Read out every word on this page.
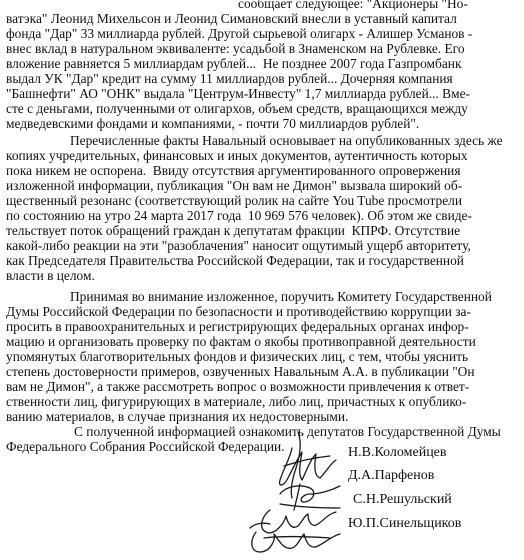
сообщает следующее: "Акционеры "Но-
ватэка" Леонид Михельсон и Леонид Симановский внесли в уставный капитал
фонда "Дар" 33 миллиарда рублей. Другой сырьевой олигарх - Алишер Усманов -
внес вклад в натуральном эквиваленте: усадьбой в Знаменском на Рублевке. Его
вложение равняется 5 миллиардам рублей...  Не позднее 2007 года Газпромбанк
выдал УК "Дар" кредит на сумму 11 миллиардов рублей... Дочерняя компания
"Башнефти" АО "ОНК" выдала "Центрум-Инвесту" 1,7 миллиарда рублей... Вме-
сте с деньгами, полученными от олигархов, объем средств, вращающихся между
медведевскими фондами и компаниями, - почти 70 миллиардов рублей".
Перечисленные факты Навальный основывает на опубликованных здесь же
копиях учредительных, финансовых и иных документов, аутентичность которых
пока никем не оспорена.  Ввиду отсутствия аргументированного опровержения
изложенной информации, публикация "Он вам не Димон" вызвала широкий об-
щественный резонанс (соответствующий ролик на сайте You Tube просмотрели
по состоянию на утро 24 марта 2017 года  10 969 576 человек). Об этом же свиде-
тельствует поток обращений граждан к депутатам фракции  КПРФ. Отсутствие
какой-либо реакции на эти "разоблачения" наносит ощутимый ущерб авторитету,
как Председателя Правительства Российской Федерации, так и государственной
власти в целом.
Принимая во внимание изложенное, поручить Комитету Государственной
Думы Российской Федерации по безопасности и противодействию коррупции за-
просить в правоохранительных и регистрирующих федеральных органах инфор-
мацию и организовать проверку по фактам о якобы противоправной деятельности
упомянутых благотворительных фондов и физических лиц, с тем, чтобы уяснить
степень достоверности примеров, озвученных Навальным А.А. в публикации "Он
вам не Димон", а также рассмотреть вопрос о возможности привлечения к ответ-
ственности лиц, фигурирующих в материале, либо лиц, причастных к опублико-
ванию материалов, в случае признания их недостоверными.
С полученной информацией ознакомить депутатов Государственной Думы
Федерального Собрания Российской Федерации.	Н.В.Коломейцев
Д.А.Парфенов
С.Н.Решульский
Ю.П.Синельщиков
